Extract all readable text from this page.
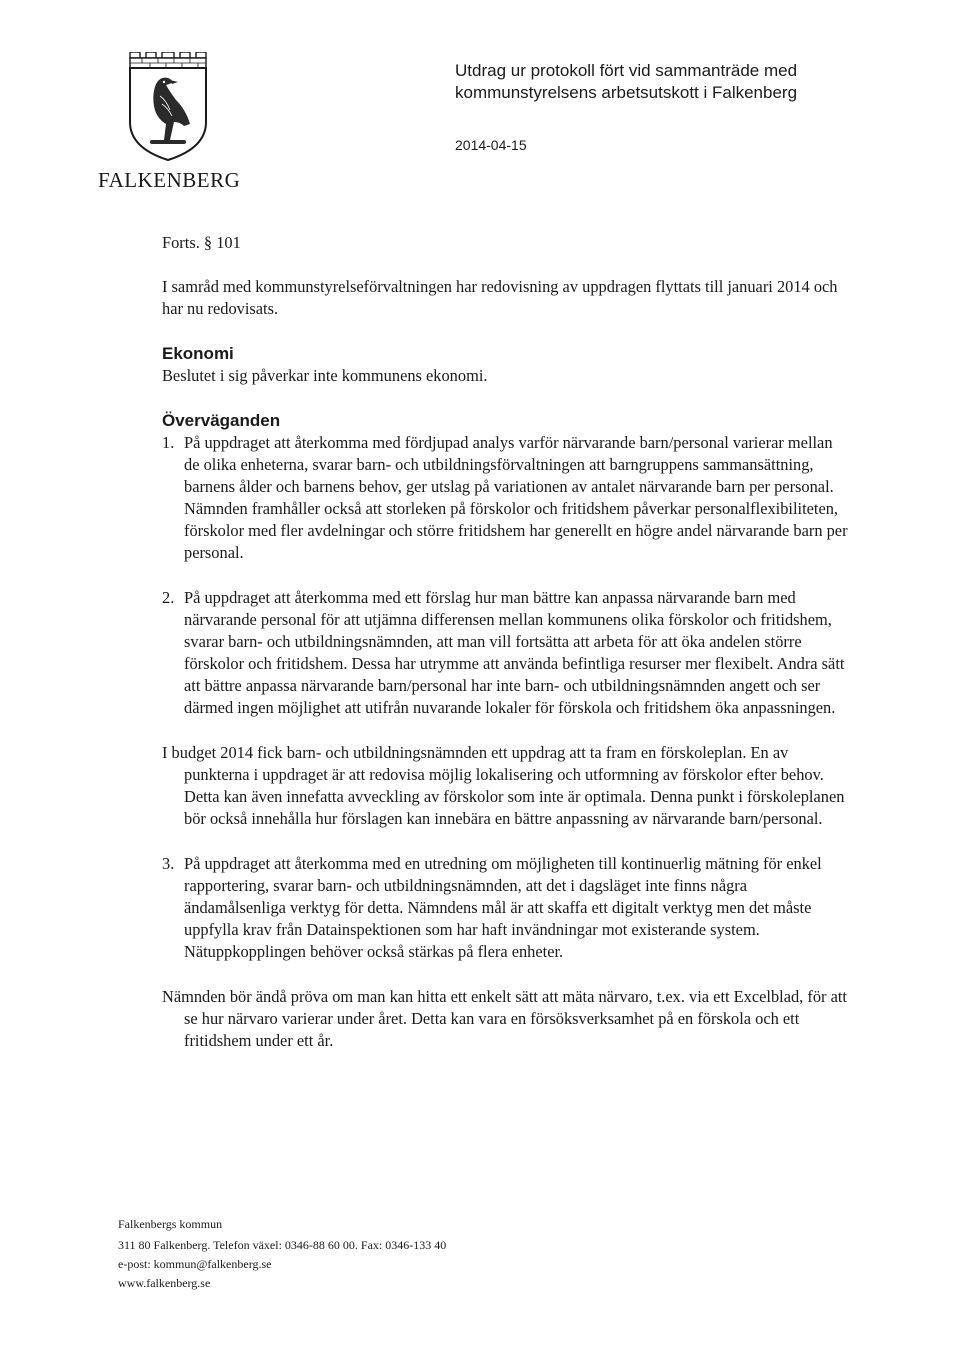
FALKENBERG
Utdrag ur protokoll fört vid sammanträde med
kommunstyrelsens arbetsutskott i Falkenberg
2014-04-15

Forts. § 101

I samråd med kommunstyrelseförvaltningen har redovisning av uppdragen flyttats till januari 2014 och har nu redovisats.

Ekonomi

Beslutet i sig påverkar inte kommunens ekonomi.

Överväganden
1. På uppdraget att återkomma med fördjupad analys varför närvarande barn/personal varierar mellan de olika enheterna, svarar barn- och utbildningsförvaltningen att barngruppens sammansättning, barnens ålder och barnens behov, ger utslag på variationen av antalet närvarande barn per personal. Nämnden framhåller också att storleken på förskolor och fritidshem påverkar personalflexibiliteten, förskolor med fler avdelningar och större fritidshem har generellt en högre andel närvarande barn per personal.
2. På uppdraget att återkomma med ett förslag hur man bättre kan anpassa närvarande barn med närvarande personal för att utjämna differensen mellan kommunens olika förskolor och fritidshem, svarar barn- och utbildningsnämnden, att man vill fortsätta att arbeta för att öka andelen större förskolor och fritidshem. Dessa har utrymme att använda befintliga resurser mer flexibelt. Andra sätt att bättre anpassa närvarande barn/personal har inte barn- och utbildningsnämnden angett och ser därmed ingen möjlighet att utifrån nuvarande lokaler för förskola och fritidshem öka anpassningen.

I budget 2014 fick barn- och utbildningsnämnden ett uppdrag att ta fram en förskoleplan. En av punkterna i uppdraget är att redovisa möjlig lokalisering och utformning av förskolor efter behov. Detta kan även innefatta avveckling av förskolor som inte är optimala. Denna punkt i förskoleplanen bör också innehålla hur förslagen kan innebära en bättre anpassning av närvarande barn/personal.

3. På uppdraget att återkomma med en utredning om möjligheten till kontinuerlig mätning för enkel rapportering, svarar barn- och utbildningsnämnden, att det i dagsläget inte finns några ändamålsenliga verktyg för detta. Nämndens mål är att skaffa ett digitalt verktyg men det måste uppfylla krav från Datainspektionen som har haft invändningar mot existerande system. Nätuppkopplingen behöver också stärkas på flera enheter.

Nämnden bör ändå pröva om man kan hitta ett enkelt sätt att mäta närvaro, t.ex. via ett Excelblad, för att se hur närvaro varierar under året. Detta kan vara en försöksverksamhet på en förskola och ett fritidshem under ett år.

Falkenbergs kommun
311 80 Falkenberg. Telefon växel: 0346-88 60 00. Fax: 0346-133 40
e-post: kommun@falkenberg.se
www.falkenberg.se
